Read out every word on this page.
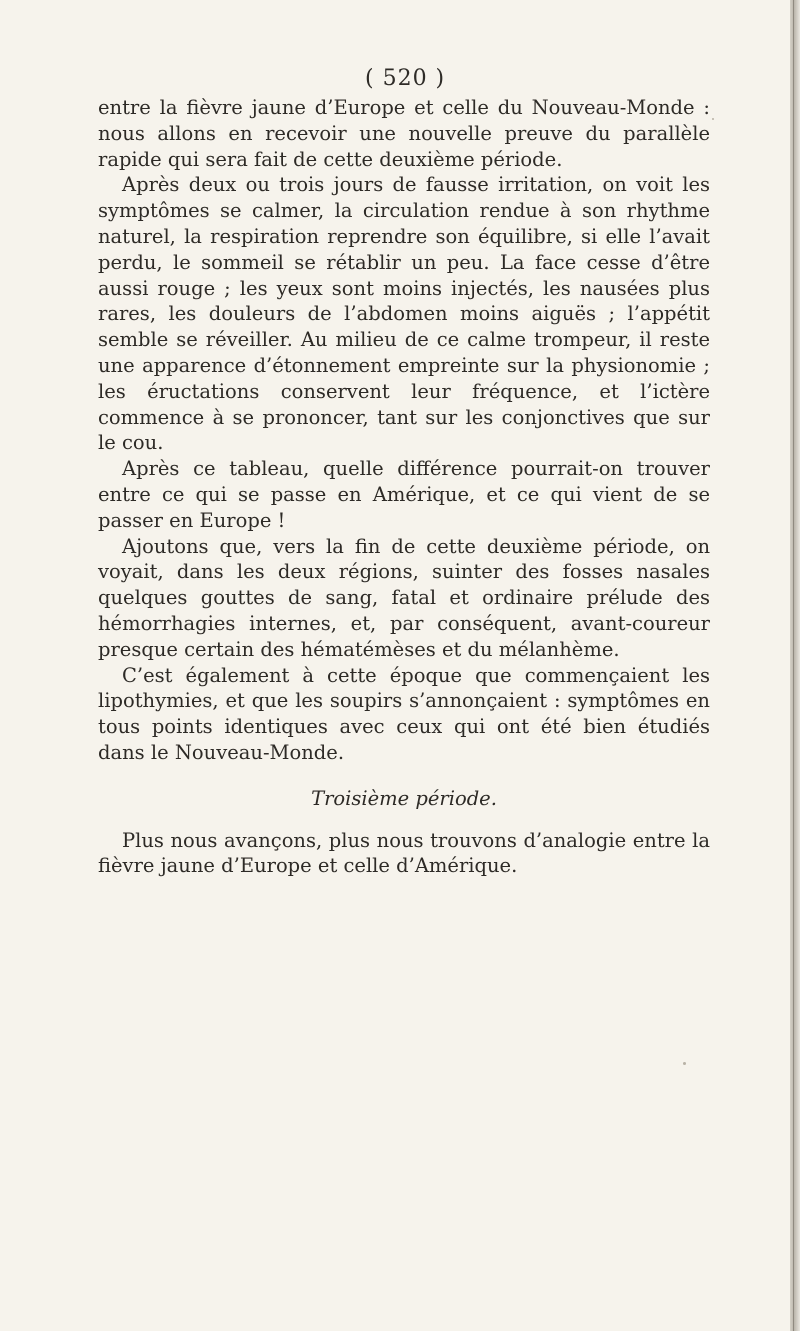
( 520 )

entre la fièvre jaune d’Europe et celle du Nouveau-Monde : nous allons en recevoir une nouvelle preuve du parallèle rapide qui sera fait de cette deuxième période.

Après deux ou trois jours de fausse irritation, on voit les symptômes se calmer, la circulation rendue à son rhythme naturel, la respiration reprendre son équilibre, si elle l’avait perdu, le sommeil se rétablir un peu. La face cesse d’être aussi rouge ; les yeux sont moins injectés, les nausées plus rares, les douleurs de l’abdomen moins aiguës ; l’appétit semble se réveiller. Au milieu de ce calme trompeur, il reste une apparence d’étonnement empreinte sur la physionomie ; les éructations conservent leur fréquence, et l’ictère commence à se prononcer, tant sur les conjonctives que sur le cou.

Après ce tableau, quelle différence pourrait-on trouver entre ce qui se passe en Amérique, et ce qui vient de se passer en Europe !

Ajoutons que, vers la fin de cette deuxième période, on voyait, dans les deux régions, suinter des fosses nasales quelques gouttes de sang, fatal et ordinaire prélude des hémorrhagies internes, et, par conséquent, avant-coureur presque certain des hématémèses et du mélanhème.

C’est également à cette époque que commençaient les lipothymies, et que les soupirs s’annonçaient : symptômes en tous points identiques avec ceux qui ont été bien étudiés dans le Nouveau-Monde.

Troisième période.

Plus nous avançons, plus nous trouvons d’analogie entre la fièvre jaune d’Europe et celle d’Amérique.
